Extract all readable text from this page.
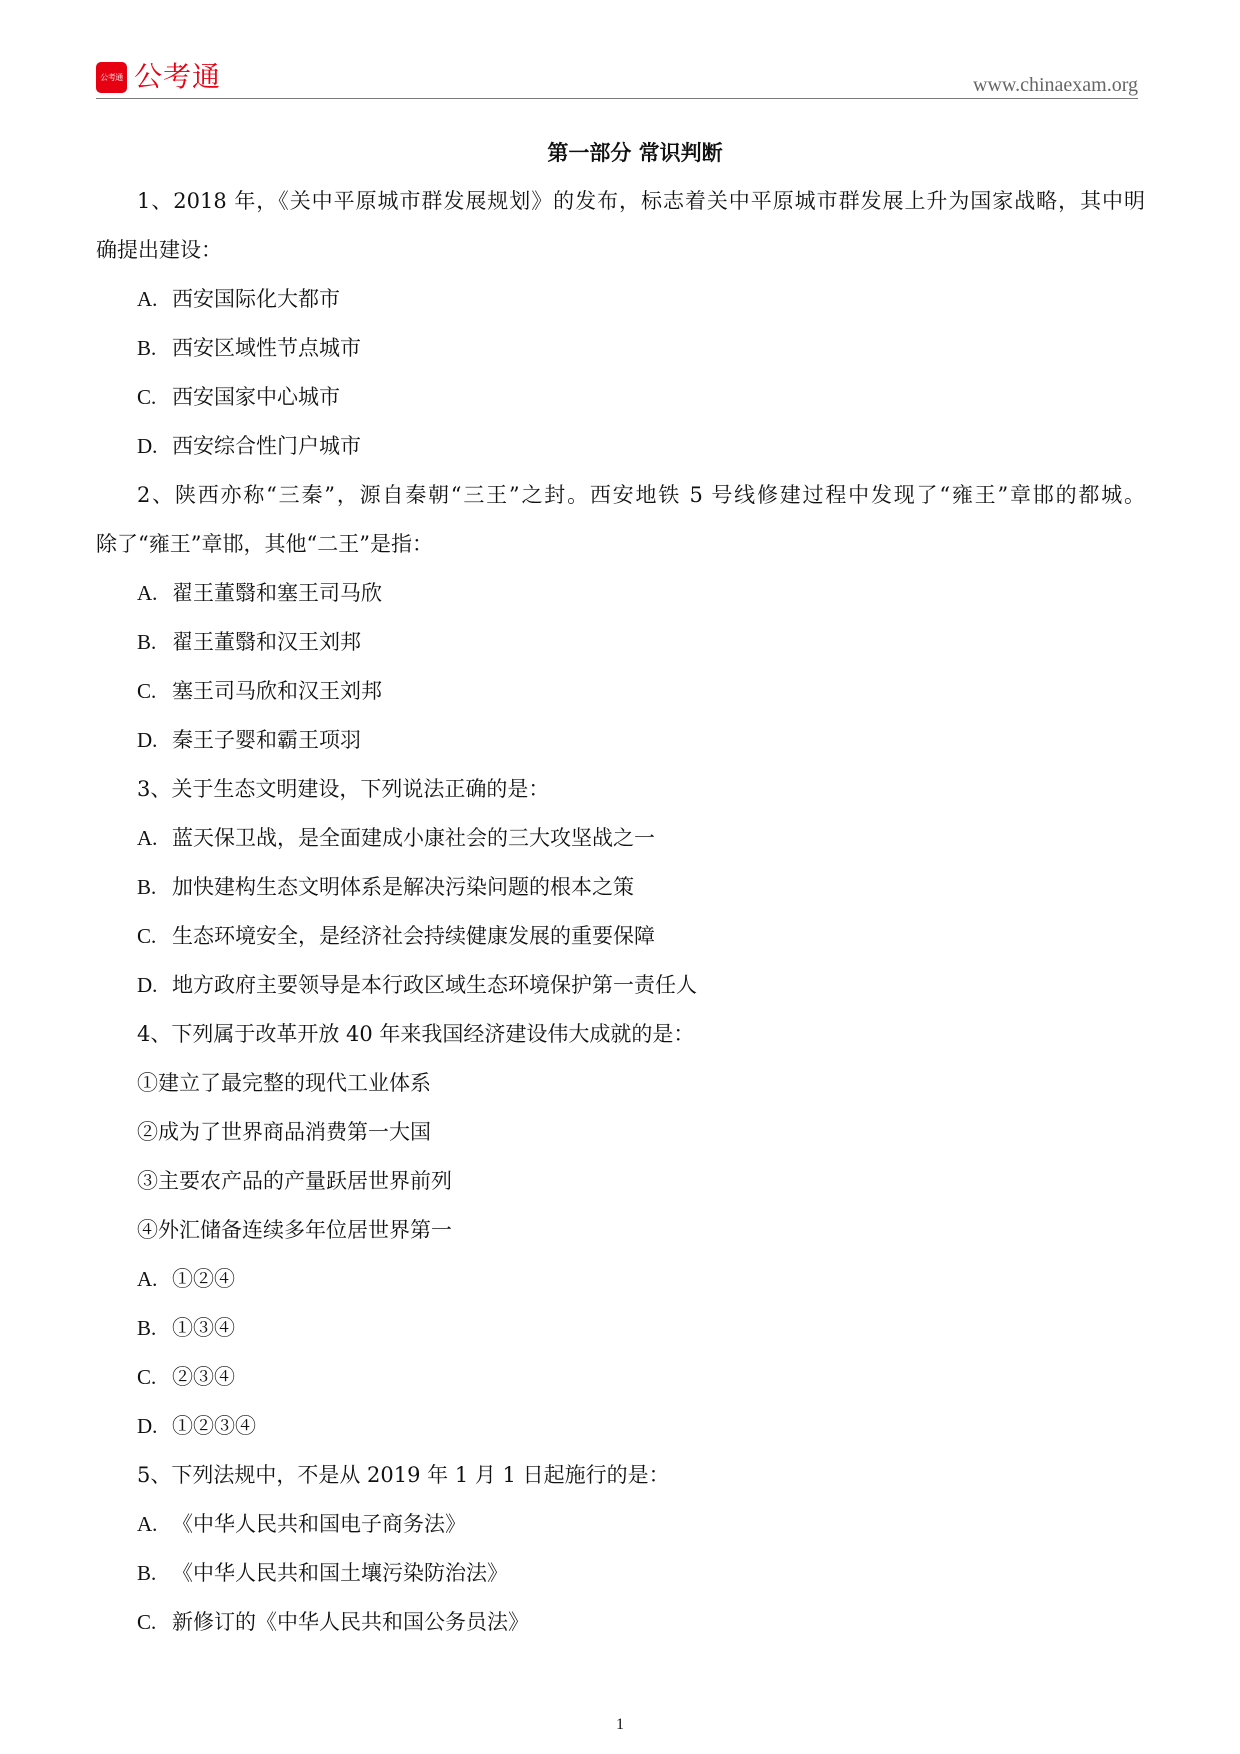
公考通 公考通	www.chinaexam.org
第一部分 常识判断
1、2018 年，《关中平原城市群发展规划》的发布，标志着关中平原城市群发展上升为国家战略，其中明
确提出建设：
A. 西安国际化大都市
B. 西安区域性节点城市
C. 西安国家中心城市
D. 西安综合性门户城市
2、陕西亦称“三秦”，源自秦朝“三王”之封。西安地铁 5 号线修建过程中发现了“雍王”章邯的都城。
除了“雍王”章邯，其他“二王”是指：
A. 翟王董翳和塞王司马欣
B. 翟王董翳和汉王刘邦
C. 塞王司马欣和汉王刘邦
D. 秦王子婴和霸王项羽
3、关于生态文明建设，下列说法正确的是：
A. 蓝天保卫战，是全面建成小康社会的三大攻坚战之一
B. 加快建构生态文明体系是解决污染问题的根本之策
C. 生态环境安全，是经济社会持续健康发展的重要保障
D. 地方政府主要领导是本行政区域生态环境保护第一责任人
4、下列属于改革开放 40 年来我国经济建设伟大成就的是：
①建立了最完整的现代工业体系
②成为了世界商品消费第一大国
③主要农产品的产量跃居世界前列
④外汇储备连续多年位居世界第一
A. ①②④
B. ①③④
C. ②③④
D. ①②③④
5、下列法规中，不是从 2019 年 1 月 1 日起施行的是：
A. 《中华人民共和国电子商务法》
B. 《中华人民共和国土壤污染防治法》
C. 新修订的《中华人民共和国公务员法》
1
